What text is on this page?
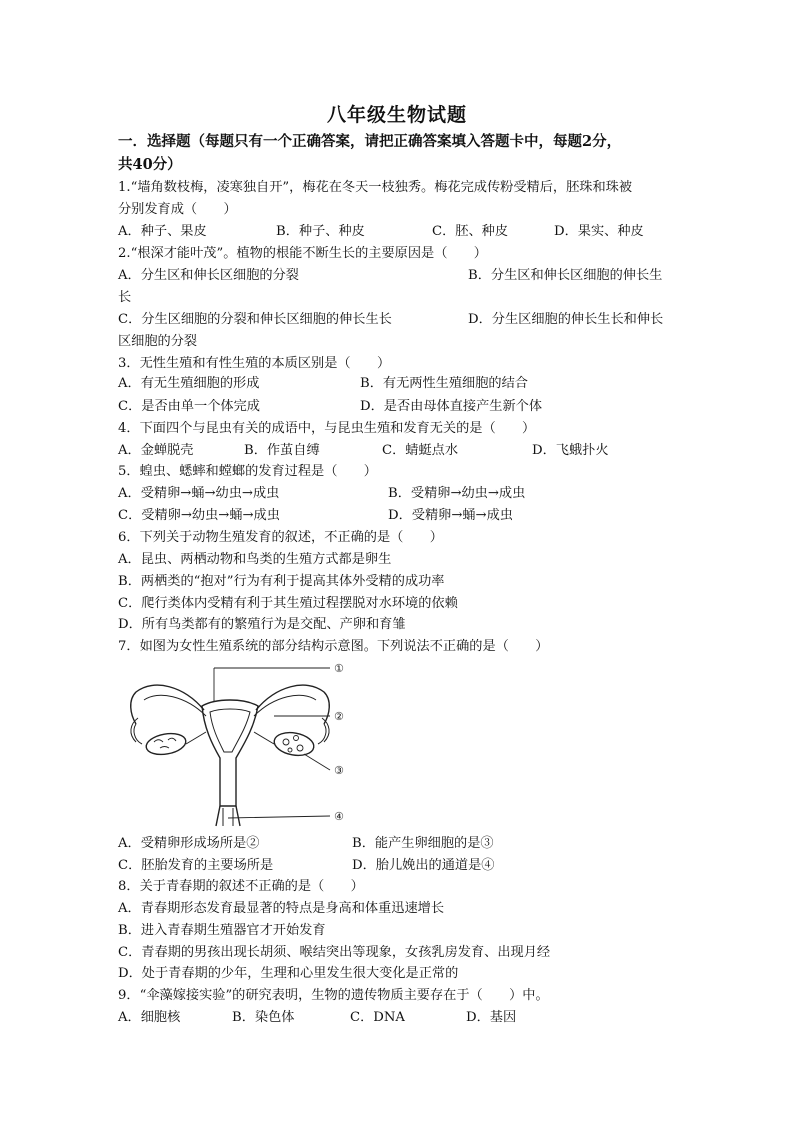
八年级生物试题
一．选择题（每题只有一个正确答案，请把正确答案填入答题卡中，每题2分，
共40分）
1.“墙角数枝梅，凌寒独自开”，梅花在冬天一枝独秀。梅花完成传粉受精后，胚珠和珠被
分别发育成（　　）
A．种子、果皮	B．种子、种皮	C．胚、种皮	D．果实、种皮
2.“根深才能叶茂”。植物的根能不断生长的主要原因是（　　）
A．分生区和伸长区细胞的分裂	B．分生区和伸长区细胞的伸长生
长
C．分生区细胞的分裂和伸长区细胞的伸长生长	D．分生区细胞的伸长生长和伸长
区细胞的分裂
3．无性生殖和有性生殖的本质区别是（　　）
A．有无生殖细胞的形成	B．有无两性生殖细胞的结合
C．是否由单一个体完成	D．是否由母体直接产生新个体
4．下面四个与昆虫有关的成语中，与昆虫生殖和发育无关的是（　　）
A．金蝉脱壳	B．作茧自缚	C．蜻蜓点水	D．飞蛾扑火
5．蝗虫、蟋蟀和螳螂的发育过程是（　　）
A．受精卵→蛹→幼虫→成虫	B．受精卵→幼虫→成虫
C．受精卵→幼虫→蛹→成虫	D．受精卵→蛹→成虫
6．下列关于动物生殖发育的叙述，不正确的是（　　）
A．昆虫、两栖动物和鸟类的生殖方式都是卵生
B．两栖类的“抱对”行为有利于提高其体外受精的成功率
C．爬行类体内受精有利于其生殖过程摆脱对水环境的依赖
D．所有鸟类都有的繁殖行为是交配、产卵和育雏
7．如图为女性生殖系统的部分结构示意图。下列说法不正确的是（　　）
①
②
③
④
A．受精卵形成场所是②	B．能产生卵细胞的是③
C．胚胎发育的主要场所是	D．胎儿娩出的通道是④
8．关于青春期的叙述不正确的是（　　）
A．青春期形态发育最显著的特点是身高和体重迅速增长
B．进入青春期生殖器官才开始发育
C．青春期的男孩出现长胡须、喉结突出等现象，女孩乳房发育、出现月经
D．处于青春期的少年，生理和心里发生很大变化是正常的
9．“伞藻嫁接实验”的研究表明，生物的遗传物质主要存在于（　　）中。
A．细胞核	B．染色体	C．DNA	D．基因
